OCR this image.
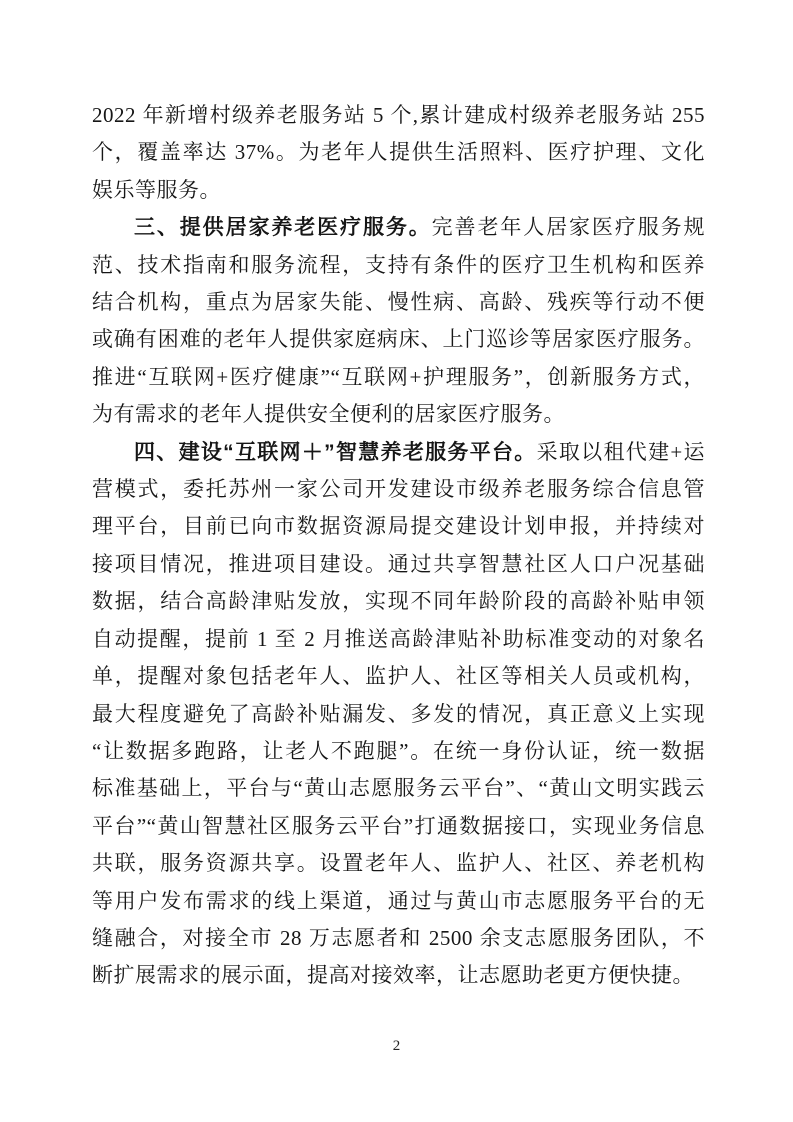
2022 年新增村级养老服务站 5 个,累计建成村级养老服务站 255
个，覆盖率达 37%。为老年人提供生活照料、医疗护理、文化
娱乐等服务。
三、提供居家养老医疗服务。完善老年人居家医疗服务规
范、技术指南和服务流程，支持有条件的医疗卫生机构和医养
结合机构，重点为居家失能、慢性病、高龄、残疾等行动不便
或确有困难的老年人提供家庭病床、上门巡诊等居家医疗服务。
推进“互联网+医疗健康”“互联网+护理服务”，创新服务方式，
为有需求的老年人提供安全便利的居家医疗服务。
四、建设“互联网＋”智慧养老服务平台。采取以租代建+运
营模式，委托苏州一家公司开发建设市级养老服务综合信息管
理平台，目前已向市数据资源局提交建设计划申报，并持续对
接项目情况，推进项目建设。通过共享智慧社区人口户况基础
数据，结合高龄津贴发放，实现不同年龄阶段的高龄补贴申领
自动提醒，提前 1 至 2 月推送高龄津贴补助标准变动的对象名
单，提醒对象包括老年人、监护人、社区等相关人员或机构，
最大程度避免了高龄补贴漏发、多发的情况，真正意义上实现
“让数据多跑路，让老人不跑腿”。在统一身份认证，统一数据
标准基础上，平台与“黄山志愿服务云平台”、“黄山文明实践云
平台”“黄山智慧社区服务云平台”打通数据接口，实现业务信息
共联，服务资源共享。设置老年人、监护人、社区、养老机构
等用户发布需求的线上渠道，通过与黄山市志愿服务平台的无
缝融合，对接全市 28 万志愿者和 2500 余支志愿服务团队，不
断扩展需求的展示面，提高对接效率，让志愿助老更方便快捷。
2
